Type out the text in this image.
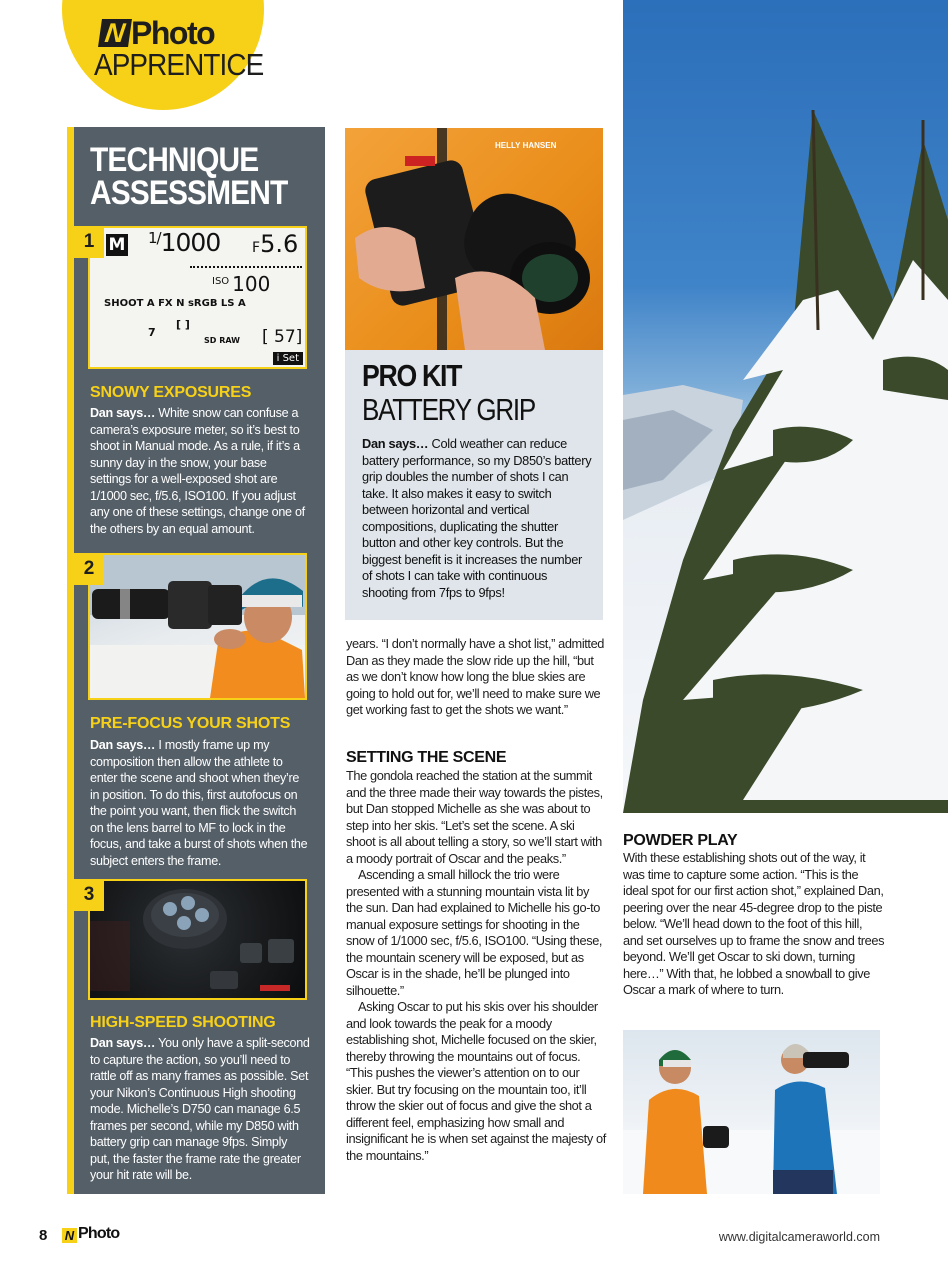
N Photo
APPRENTICE
TECHNIQUE ASSESSMENT
M $^{1/}$1000 F5.6
$^{ISO}$ 100
SHOOT A FX N sRGB LS A
7
[ ]
SD RAW [ 57]
i Set
1
SNOWY EXPOSURES
Dan says… White snow can confuse a camera’s exposure meter, so it’s best to shoot in Manual mode. As a rule, if it’s a sunny day in the snow, your base settings for a well-exposed shot are 1/1000 sec, f/5.6, ISO100. If you adjust any one of these settings, change one of the others by an equal amount.
2
PRE-FOCUS YOUR SHOTS
Dan says… I mostly frame up my composition then allow the athlete to enter the scene and shoot when they’re in position. To do this, first autofocus on the point you want, then flick the switch on the lens barrel to MF to lock in the focus, and take a burst of shots when the subject enters the frame.
3
HIGH-SPEED SHOOTING
Dan says… You only have a split-second to capture the action, so you’ll need to rattle off as many frames as possible. Set your Nikon’s Continuous High shooting mode. Michelle’s D750 can manage 6.5 frames per second, while my D850 with battery grip can manage 9fps. Simply put, the faster the frame rate the greater your hit rate will be.
HELLY HANSEN
PRO KIT
BATTERY GRIP
Dan says… Cold weather can reduce battery performance, so my D850’s battery grip doubles the number of shots I can take. It also makes it easy to switch between horizontal and vertical compositions, duplicating the shutter button and other key controls. But the biggest benefit is it increases the number of shots I can take with continuous shooting from 7fps to 9fps!
years. “I don’t normally have a shot list,” admitted Dan as they made the slow ride up the hill, “but as we don’t know how long the blue skies are going to hold out for, we’ll need to make sure we get working fast to get the shots we want.”
SETTING THE SCENE

The gondola reached the station at the summit and the three made their way towards the pistes, but Dan stopped Michelle as she was about to step into her skis. “Let’s set the scene. A ski shoot is all about telling a story, so we’ll start with a moody portrait of Oscar and the peaks.”

Ascending a small hillock the trio were presented with a stunning mountain vista lit by the sun. Dan had explained to Michelle his go-to manual exposure settings for shooting in the snow of 1/1000 sec, f/5.6, ISO100. “Using these, the mountain scenery will be exposed, but as Oscar is in the shade, he’ll be plunged into silhouette.”

Asking Oscar to put his skis over his shoulder and look towards the peak for a moody establishing shot, Michelle focused on the skier, thereby throwing the mountains out of focus. “This pushes the viewer’s attention on to our skier. But try focusing on the mountain too, it’ll throw the skier out of focus and give the shot a different feel, emphasizing how small and insignificant he is when set against the majesty of the mountains.”

POWDER PLAY
With these establishing shots out of the way, it was time to capture some action. “This is the ideal spot for our first action shot,” explained Dan, peering over the near 45-degree drop to the piste below. “We’ll head down to the foot of this hill, and set ourselves up to frame the snow and trees beyond. We’ll get Oscar to ski down, turning here…” With that, he lobbed a snowball to give Oscar a mark of where to turn.
8 N Photo	www.digitalcameraworld.com
